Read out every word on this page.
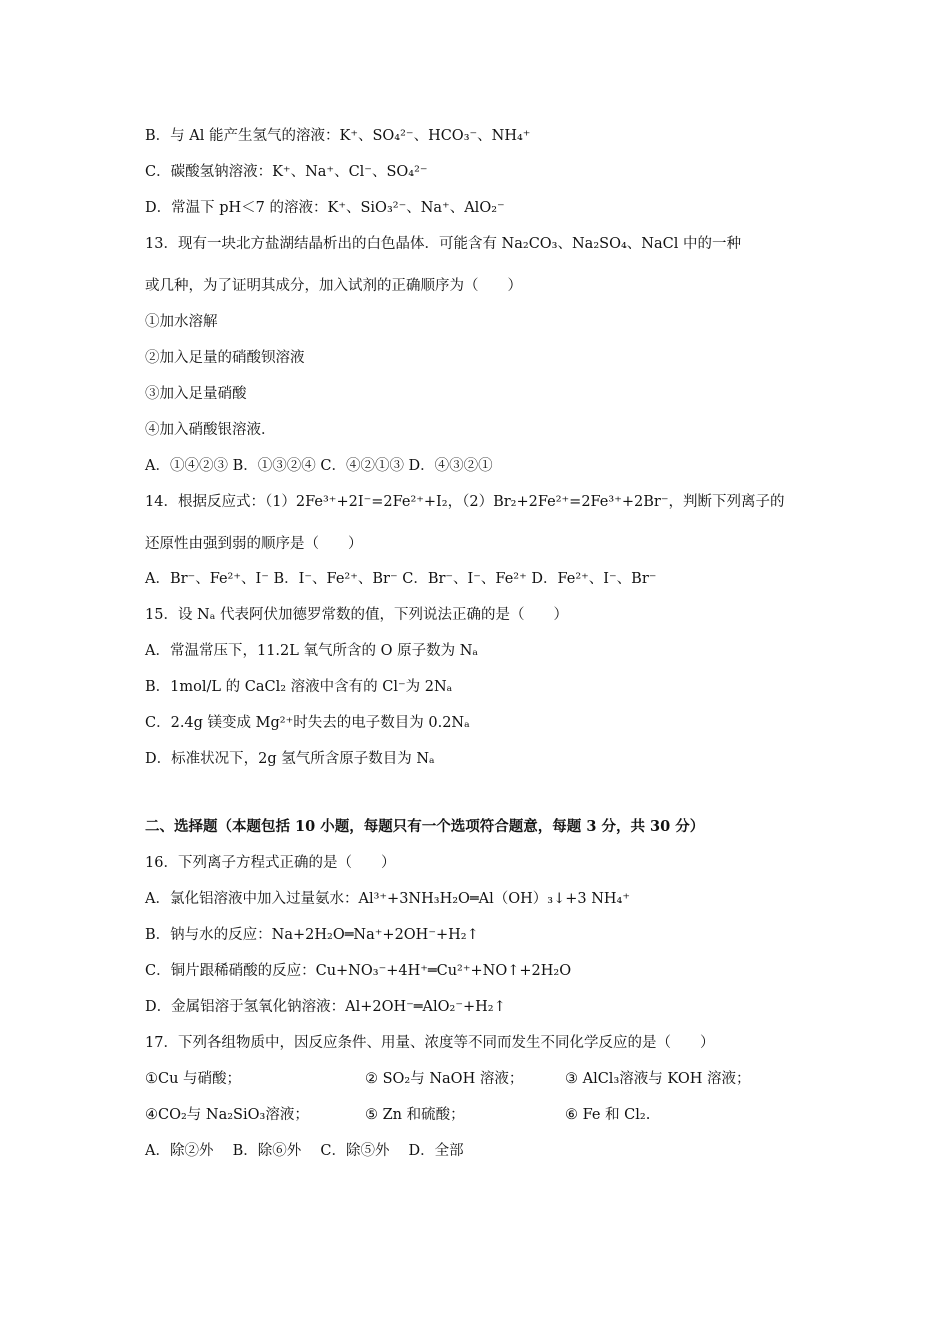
B．与 Al 能产生氢气的溶液：K⁺、SO₄²⁻、HCO₃⁻、NH₄⁺
C．碳酸氢钠溶液：K⁺、Na⁺、Cl⁻、SO₄²⁻
D．常温下 pH＜7 的溶液：K⁺、SiO₃²⁻、Na⁺、AlO₂⁻
13．现有一块北方盐湖结晶析出的白色晶体．可能含有 Na₂CO₃、Na₂SO₄、NaCl 中的一种
或几种，为了证明其成分，加入试剂的正确顺序为（　　）
①加水溶解
②加入足量的硝酸钡溶液
③加入足量硝酸
④加入硝酸银溶液．
A．①④②③ B．①③②④ C．④②①③ D．④③②①
14．根据反应式：（1）2Fe³⁺+2I⁻=2Fe²⁺+I₂，（2）Br₂+2Fe²⁺=2Fe³⁺+2Br⁻，判断下列离子的
还原性由强到弱的顺序是（　　）
A．Br⁻、Fe²⁺、I⁻ B．I⁻、Fe²⁺、Br⁻ C．Br⁻、I⁻、Fe²⁺ D．Fe²⁺、I⁻、Br⁻
15．设 Nₐ 代表阿伏加德罗常数的值，下列说法正确的是（　　）
A．常温常压下，11.2L 氧气所含的 O 原子数为 Nₐ
B．1mol/L 的 CaCl₂ 溶液中含有的 Cl⁻为 2Nₐ
C．2.4g 镁变成 Mg²⁺时失去的电子数目为 0.2Nₐ
D．标准状况下，2g 氢气所含原子数目为 Nₐ
二、选择题（本题包括 10 小题，每题只有一个选项符合题意，每题 3 分，共 30 分）
16．下列离子方程式正确的是（　　）
A．氯化铝溶液中加入过量氨水：Al³⁺+3NH₃H₂O═Al（OH）₃↓+3 NH₄⁺
B．钠与水的反应：Na+2H₂O═Na⁺+2OH⁻+H₂↑
C．铜片跟稀硝酸的反应：Cu+NO₃⁻+4H⁺═Cu²⁺+NO↑+2H₂O
D．金属铝溶于氢氧化钠溶液：Al+2OH⁻═AlO₂⁻+H₂↑
17．下列各组物质中，因反应条件、用量、浓度等不同而发生不同化学反应的是（　　）
A．除②外　 B．除⑥外　 C．除⑤外　 D．全部
①Cu 与硝酸；	② SO₂与 NaOH 溶液；	③ AlCl₃溶液与 KOH 溶液；
④CO₂与 Na₂SiO₃溶液；	⑤ Zn 和硫酸；	⑥ Fe 和 Cl₂.
